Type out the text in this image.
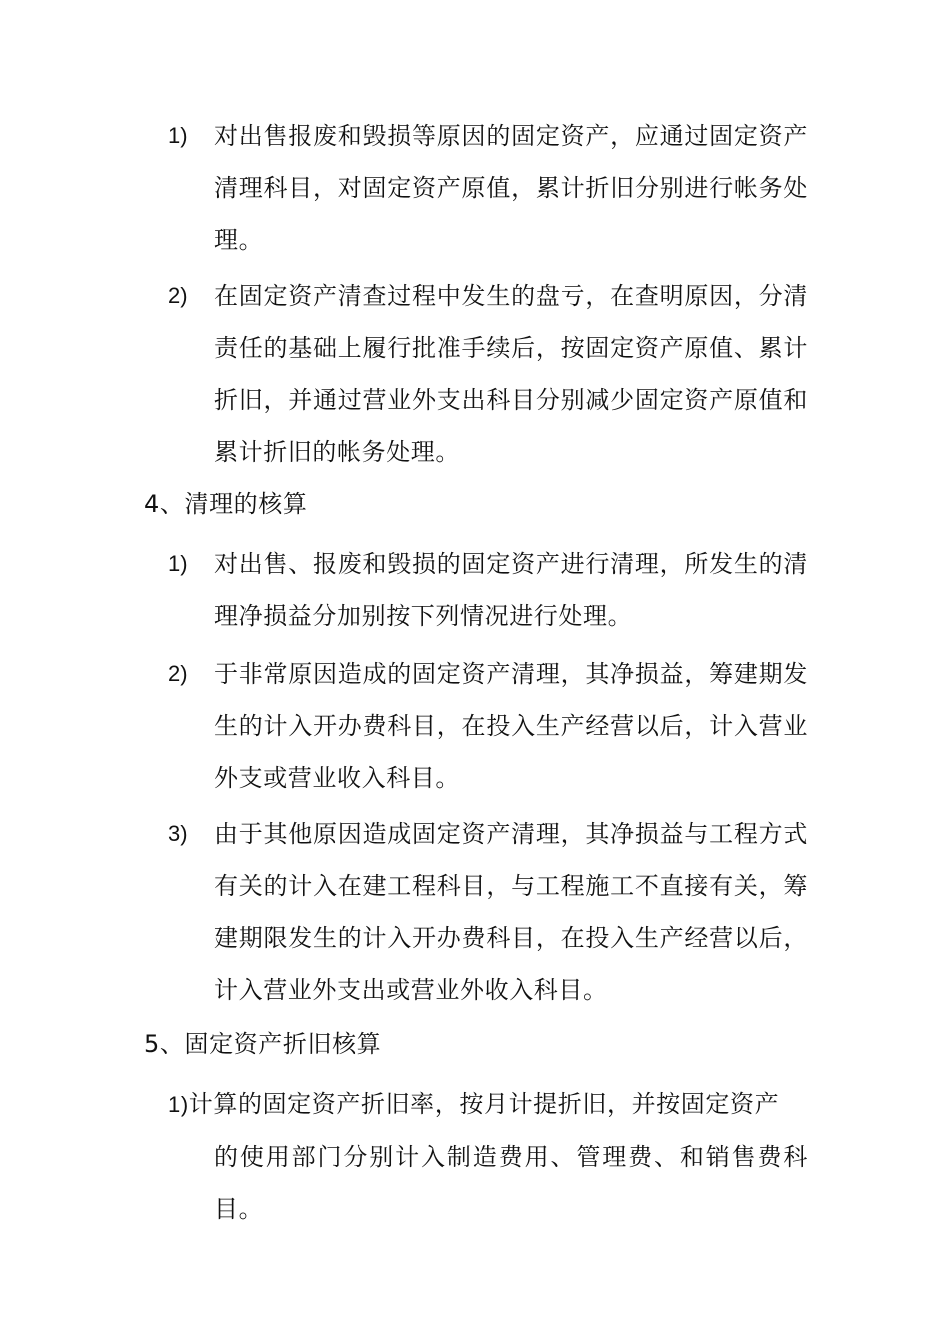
1) 对出售报废和毁损等原因的固定资产，应通过固定资产清理科目，对固定资产原值，累计折旧分别进行帐务处理。
2) 在固定资产清查过程中发生的盘亏，在查明原因，分清责任的基础上履行批准手续后，按固定资产原值、累计折旧，并通过营业外支出科目分别减少固定资产原值和累计折旧的帐务处理。
4、清理的核算
1) 对出售、报废和毁损的固定资产进行清理，所发生的清理净损益分加别按下列情况进行处理。
2) 于非常原因造成的固定资产清理，其净损益，筹建期发生的计入开办费科目，在投入生产经营以后，计入营业外支或营业收入科目。
3) 由于其他原因造成固定资产清理，其净损益与工程方式有关的计入在建工程科目，与工程施工不直接有关，筹建期限发生的计入开办费科目，在投入生产经营以后，计入营业外支出或营业外收入科目。
5、固定资产折旧核算
1)计算的固定资产折旧率，按月计提折旧，并按固定资产
的使用部门分别计入制造费用、管理费、和销售费科目。
